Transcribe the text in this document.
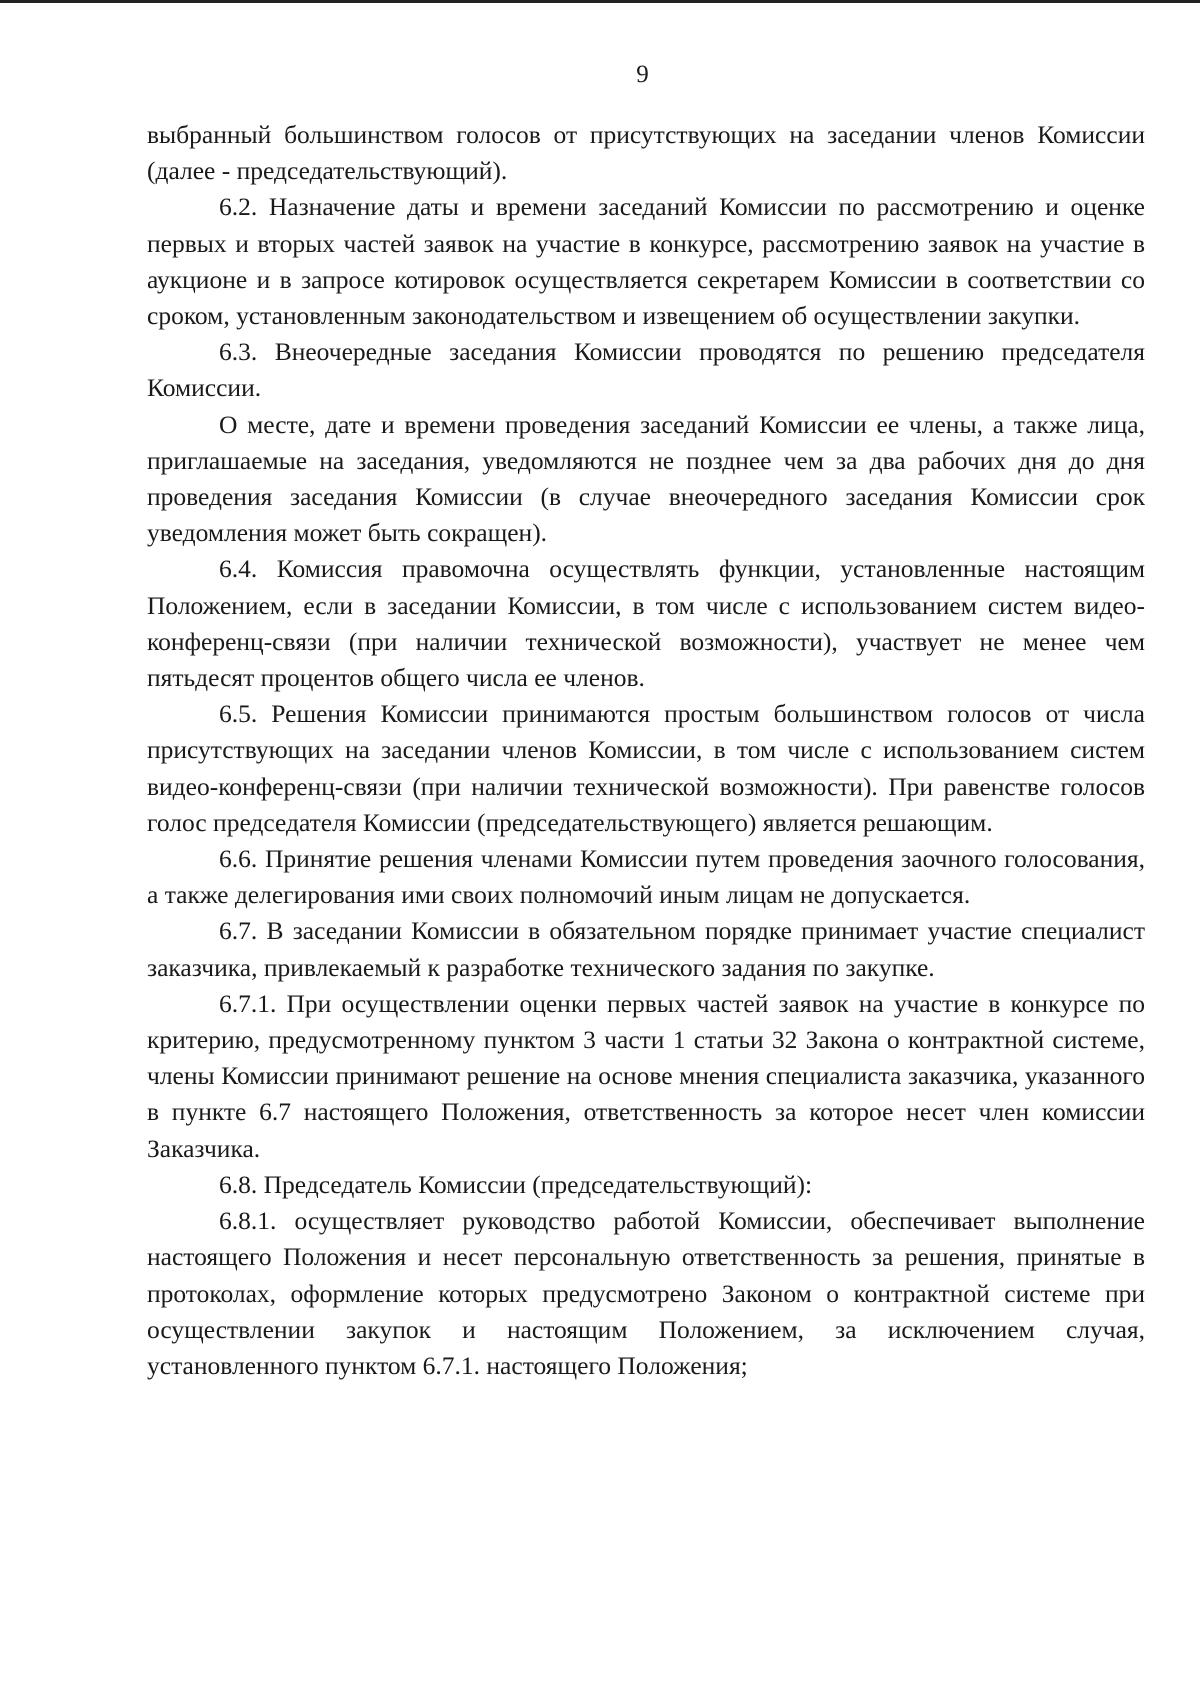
9

выбранный большинством голосов от присутствующих на заседании членов Комиссии (далее - председательствующий).

6.2. Назначение даты и времени заседаний Комиссии по рассмотрению и оценке первых и вторых частей заявок на участие в конкурсе, рассмотрению заявок на участие в аукционе и в запросе котировок осуществляется секретарем Комиссии в соответствии со сроком, установленным законодательством и извещением об осуществлении закупки.

6.3. Внеочередные заседания Комиссии проводятся по решению председателя Комиссии.

О месте, дате и времени проведения заседаний Комиссии ее члены, а также лица, приглашаемые на заседания, уведомляются не позднее чем за два рабочих дня до дня проведения заседания Комиссии (в случае внеочередного заседания Комиссии срок уведомления может быть сокращен).

6.4. Комиссия правомочна осуществлять функции, установленные настоящим Положением, если в заседании Комиссии, в том числе с использованием систем видео-конференц-связи (при наличии технической возможности), участвует не менее чем пятьдесят процентов общего числа ее членов.

6.5. Решения Комиссии принимаются простым большинством голосов от числа присутствующих на заседании членов Комиссии, в том числе с использованием систем видео-конференц-связи (при наличии технической возможности). При равенстве голосов голос председателя Комиссии (председательствующего) является решающим.

6.6. Принятие решения членами Комиссии путем проведения заочного голосования, а также делегирования ими своих полномочий иным лицам не допускается.

6.7. В заседании Комиссии в обязательном порядке принимает участие специалист заказчика, привлекаемый к разработке технического задания по закупке.

6.7.1. При осуществлении оценки первых частей заявок на участие в конкурсе по критерию, предусмотренному пунктом 3 части 1 статьи 32 Закона о контрактной системе, члены Комиссии принимают решение на основе мнения специалиста заказчика, указанного в пункте 6.7 настоящего Положения, ответственность за которое несет член комиссии Заказчика.

6.8. Председатель Комиссии (председательствующий):

6.8.1. осуществляет руководство работой Комиссии, обеспечивает выполнение настоящего Положения и несет персональную ответственность за решения, принятые в протоколах, оформление которых предусмотрено Законом о контрактной системе при осуществлении закупок и настоящим Положением, за исключением случая, установленного пунктом 6.7.1. настоящего Положения;
